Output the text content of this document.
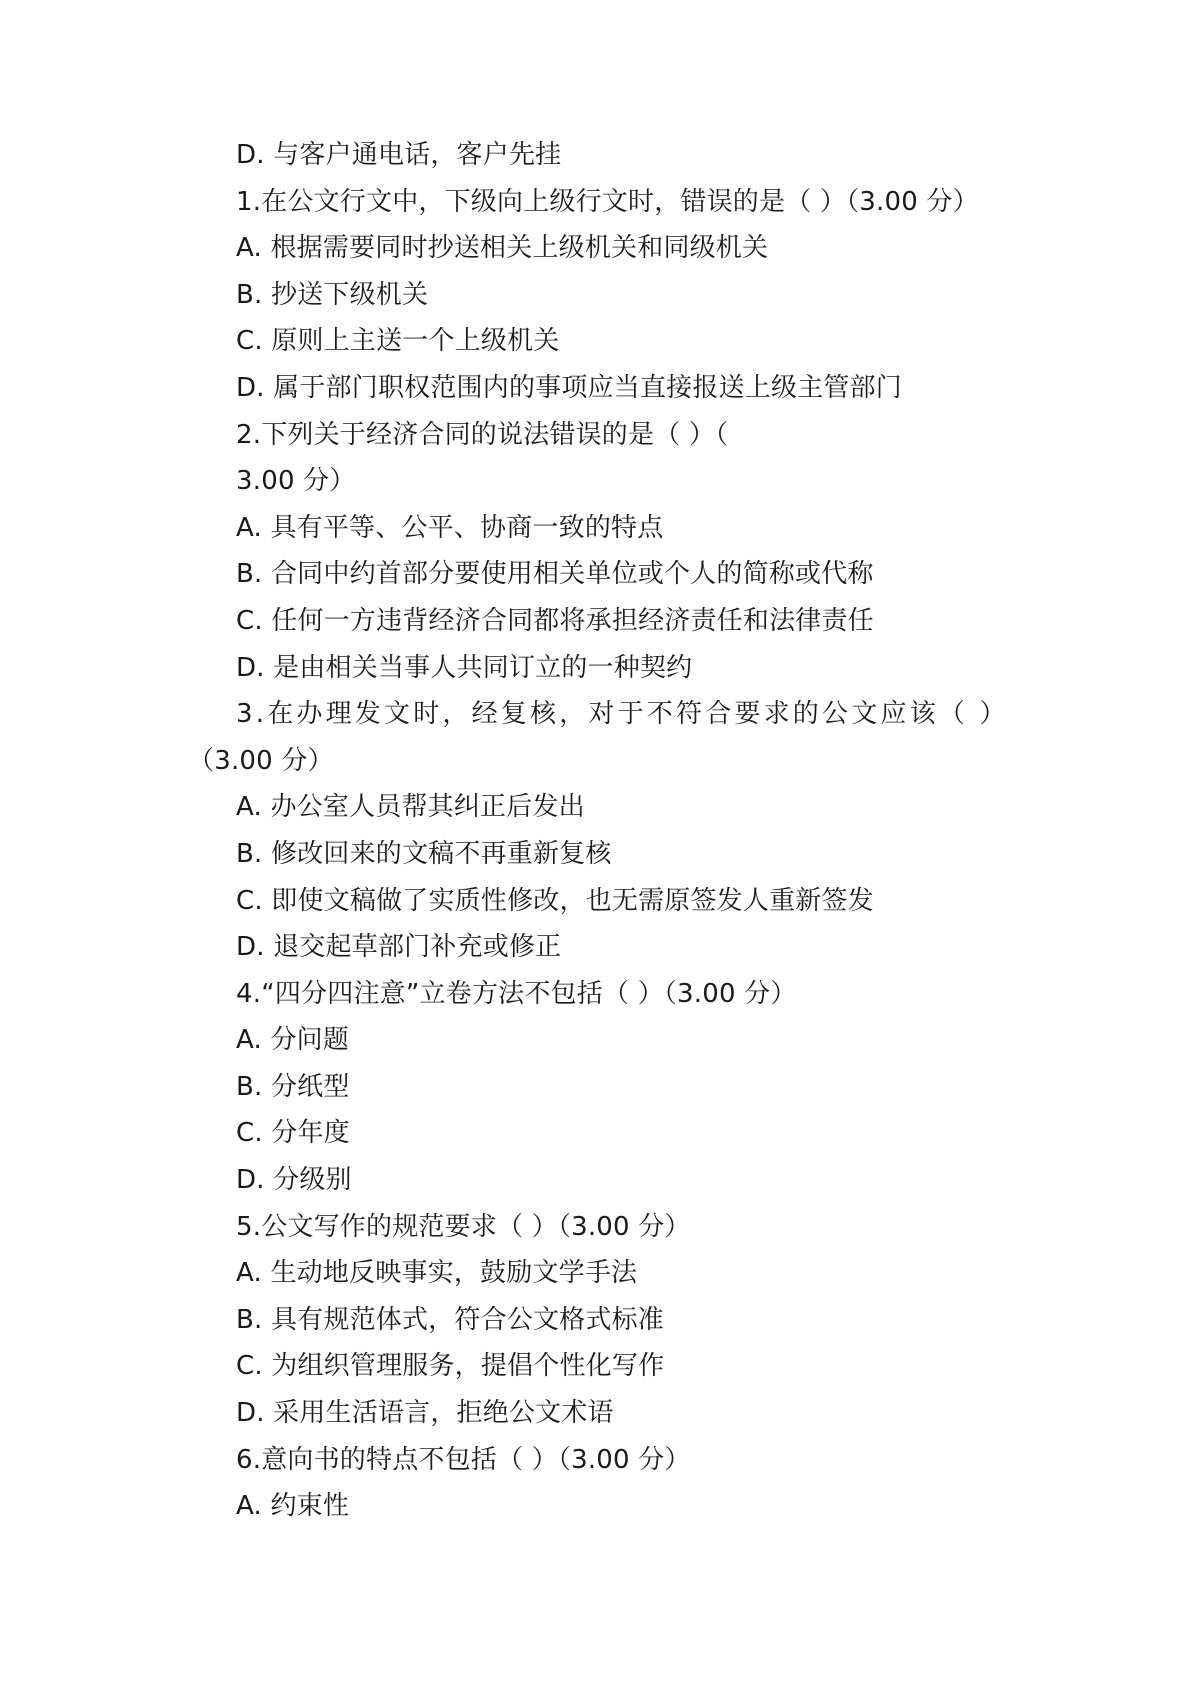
D. 与客户通电话，客户先挂
1.在公文行文中，下级向上级行文时，错误的是（ ）（3.00 分）
A. 根据需要同时抄送相关上级机关和同级机关
B. 抄送下级机关
C. 原则上主送一个上级机关
D. 属于部门职权范围内的事项应当直接报送上级主管部门
2.下列关于经济合同的说法错误的是（ ）（
3.00 分）
A. 具有平等、公平、协商一致的特点
B. 合同中约首部分要使用相关单位或个人的简称或代称
C. 任何一方违背经济合同都将承担经济责任和法律责任
D. 是由相关当事人共同订立的一种契约
3.在办理发文时，经复核，对于不符合要求的公文应该（ ）
（3.00 分）
A. 办公室人员帮其纠正后发出
B. 修改回来的文稿不再重新复核
C. 即使文稿做了实质性修改，也无需原签发人重新签发
D. 退交起草部门补充或修正
4.“四分四注意”立卷方法不包括（ ）（3.00 分）
A. 分问题
B. 分纸型
C. 分年度
D. 分级别
5.公文写作的规范要求（ ）（3.00 分）
A. 生动地反映事实，鼓励文学手法
B. 具有规范体式，符合公文格式标准
C. 为组织管理服务，提倡个性化写作
D. 采用生活语言，拒绝公文术语
6.意向书的特点不包括（ ）（3.00 分）
A. 约束性
